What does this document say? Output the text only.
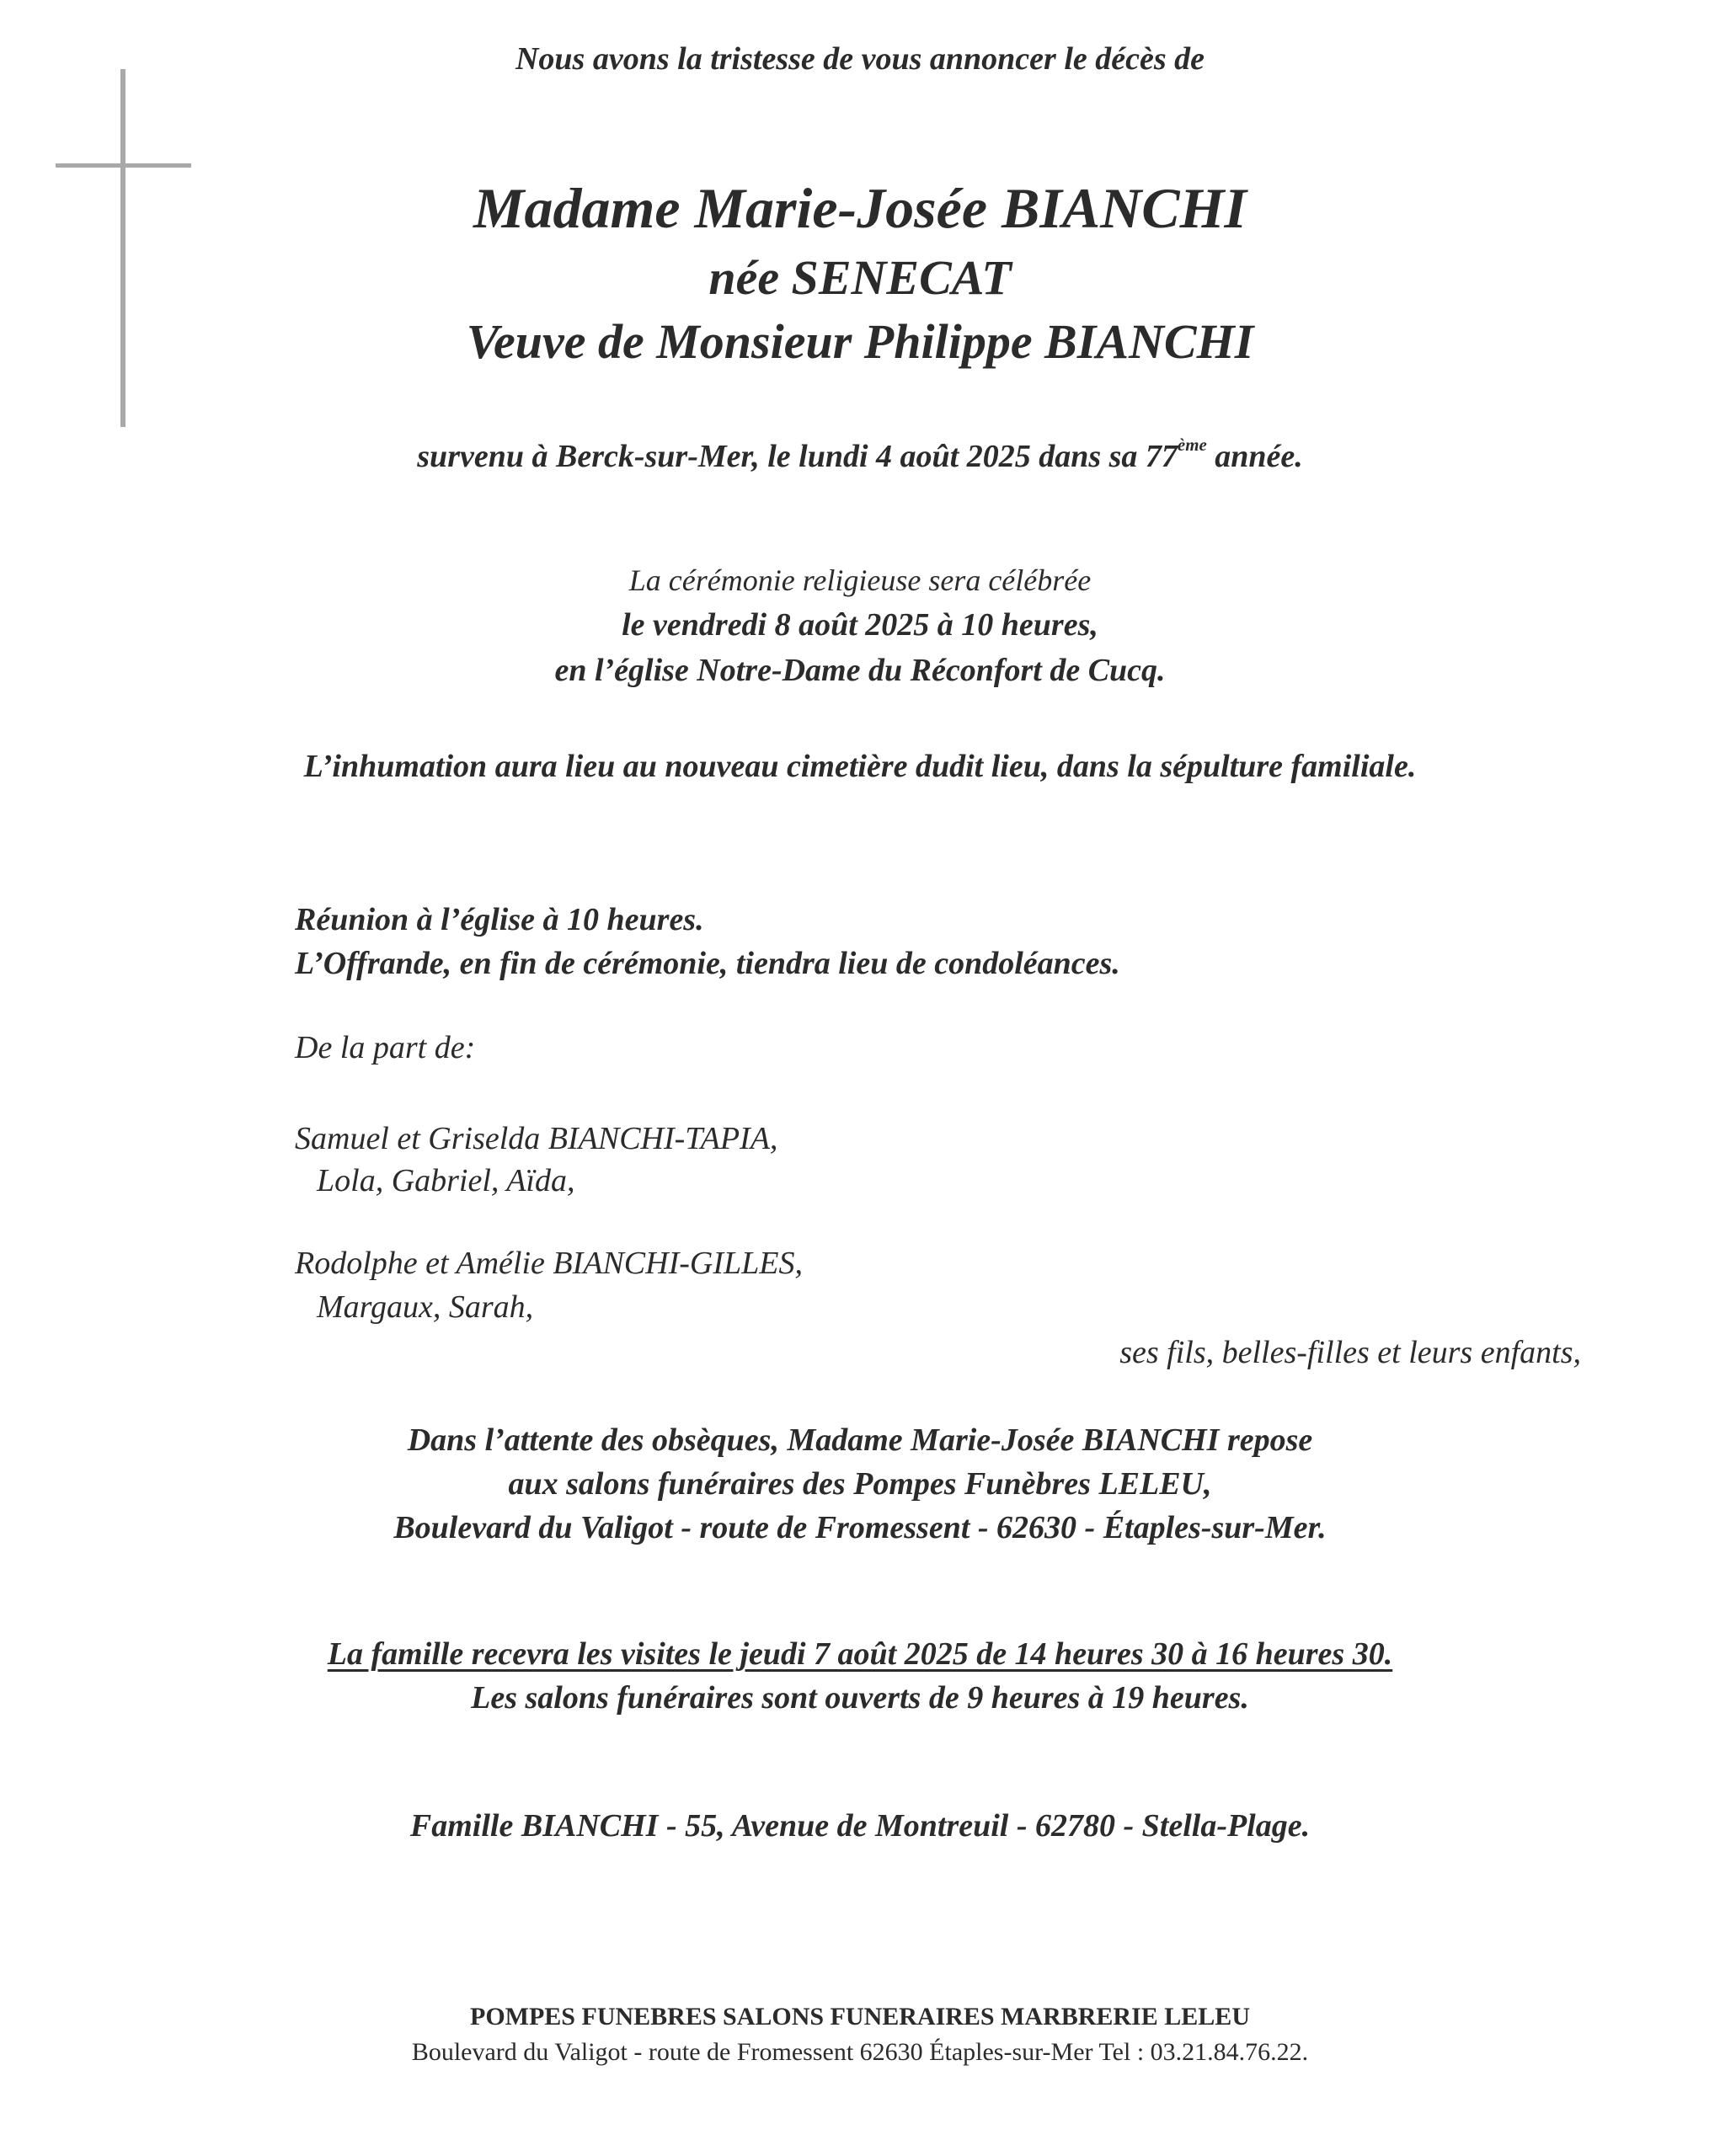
Nous avons la tristesse de vous annoncer le décès de
Madame Marie-Josée BIANCHI
née SENECAT
Veuve de Monsieur Philippe BIANCHI
survenu à Berck-sur-Mer, le lundi 4 août 2025 dans sa 77ème année.
La cérémonie religieuse sera célébrée
le vendredi 8 août 2025 à 10 heures,
en l’église Notre-Dame du Réconfort de Cucq.
L’inhumation aura lieu au nouveau cimetière dudit lieu, dans la sépulture familiale.
Réunion à l’église à 10 heures.
L’Offrande, en fin de cérémonie, tiendra lieu de condoléances.
De la part de:
Samuel et Griselda BIANCHI-TAPIA,
Lola, Gabriel, Aïda,
Rodolphe et Amélie BIANCHI-GILLES,
Margaux, Sarah,
ses fils, belles-filles et leurs enfants,
Dans l’attente des obsèques, Madame Marie-Josée BIANCHI repose
aux salons funéraires des Pompes Funèbres LELEU,
Boulevard du Valigot - route de Fromessent - 62630 - Étaples-sur-Mer.
La famille recevra les visites le jeudi 7 août 2025 de 14 heures 30 à 16 heures 30.
Les salons funéraires sont ouverts de 9 heures à 19 heures.
Famille BIANCHI - 55, Avenue de Montreuil - 62780 - Stella-Plage.
POMPES FUNEBRES SALONS FUNERAIRES MARBRERIE LELEU
Boulevard du Valigot - route de Fromessent 62630 Étaples-sur-Mer Tel : 03.21.84.76.22.
